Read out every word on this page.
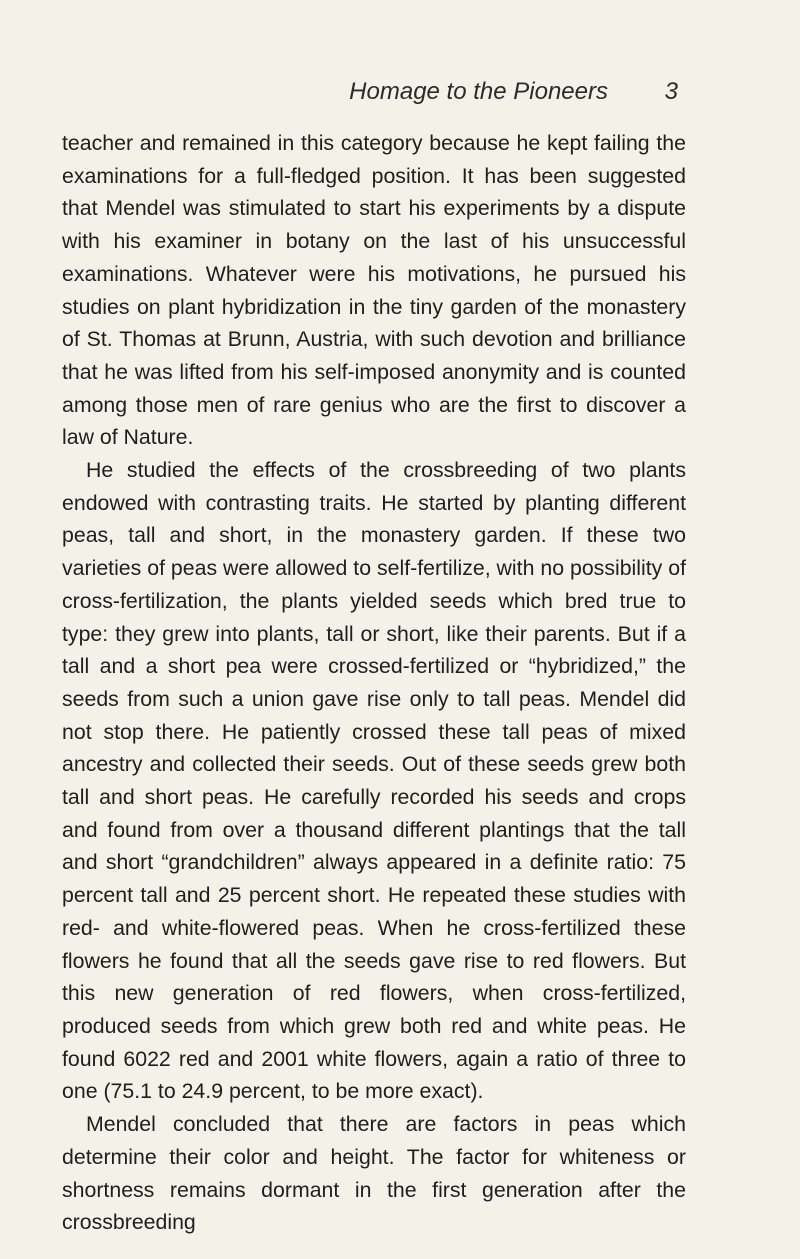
Homage to the Pioneers 3

teacher and remained in this category because he kept failing the examinations for a full-fledged position. It has been suggested that Mendel was stimulated to start his experiments by a dispute with his examiner in botany on the last of his unsuccessful examinations. Whatever were his motivations, he pursued his studies on plant hybridization in the tiny garden of the monastery of St. Thomas at Brunn, Austria, with such devotion and brilliance that he was lifted from his self-imposed anonymity and is counted among those men of rare genius who are the first to discover a law of Nature.

He studied the effects of the crossbreeding of two plants endowed with contrasting traits. He started by planting different peas, tall and short, in the monastery garden. If these two varieties of peas were allowed to self-fertilize, with no possibility of cross-fertilization, the plants yielded seeds which bred true to type: they grew into plants, tall or short, like their parents. But if a tall and a short pea were crossed-fertilized or “hybridized,” the seeds from such a union gave rise only to tall peas. Mendel did not stop there. He patiently crossed these tall peas of mixed ancestry and collected their seeds. Out of these seeds grew both tall and short peas. He carefully recorded his seeds and crops and found from over a thousand different plantings that the tall and short “grandchildren” always appeared in a definite ratio: 75 percent tall and 25 percent short. He repeated these studies with red- and white-flowered peas. When he cross-fertilized these flowers he found that all the seeds gave rise to red flowers. But this new generation of red flowers, when cross-fertilized, produced seeds from which grew both red and white peas. He found 6022 red and 2001 white flowers, again a ratio of three to one (75.1 to 24.9 percent, to be more exact).

Mendel concluded that there are factors in peas which determine their color and height. The factor for whiteness or shortness remains dormant in the first generation after the crossbreeding
